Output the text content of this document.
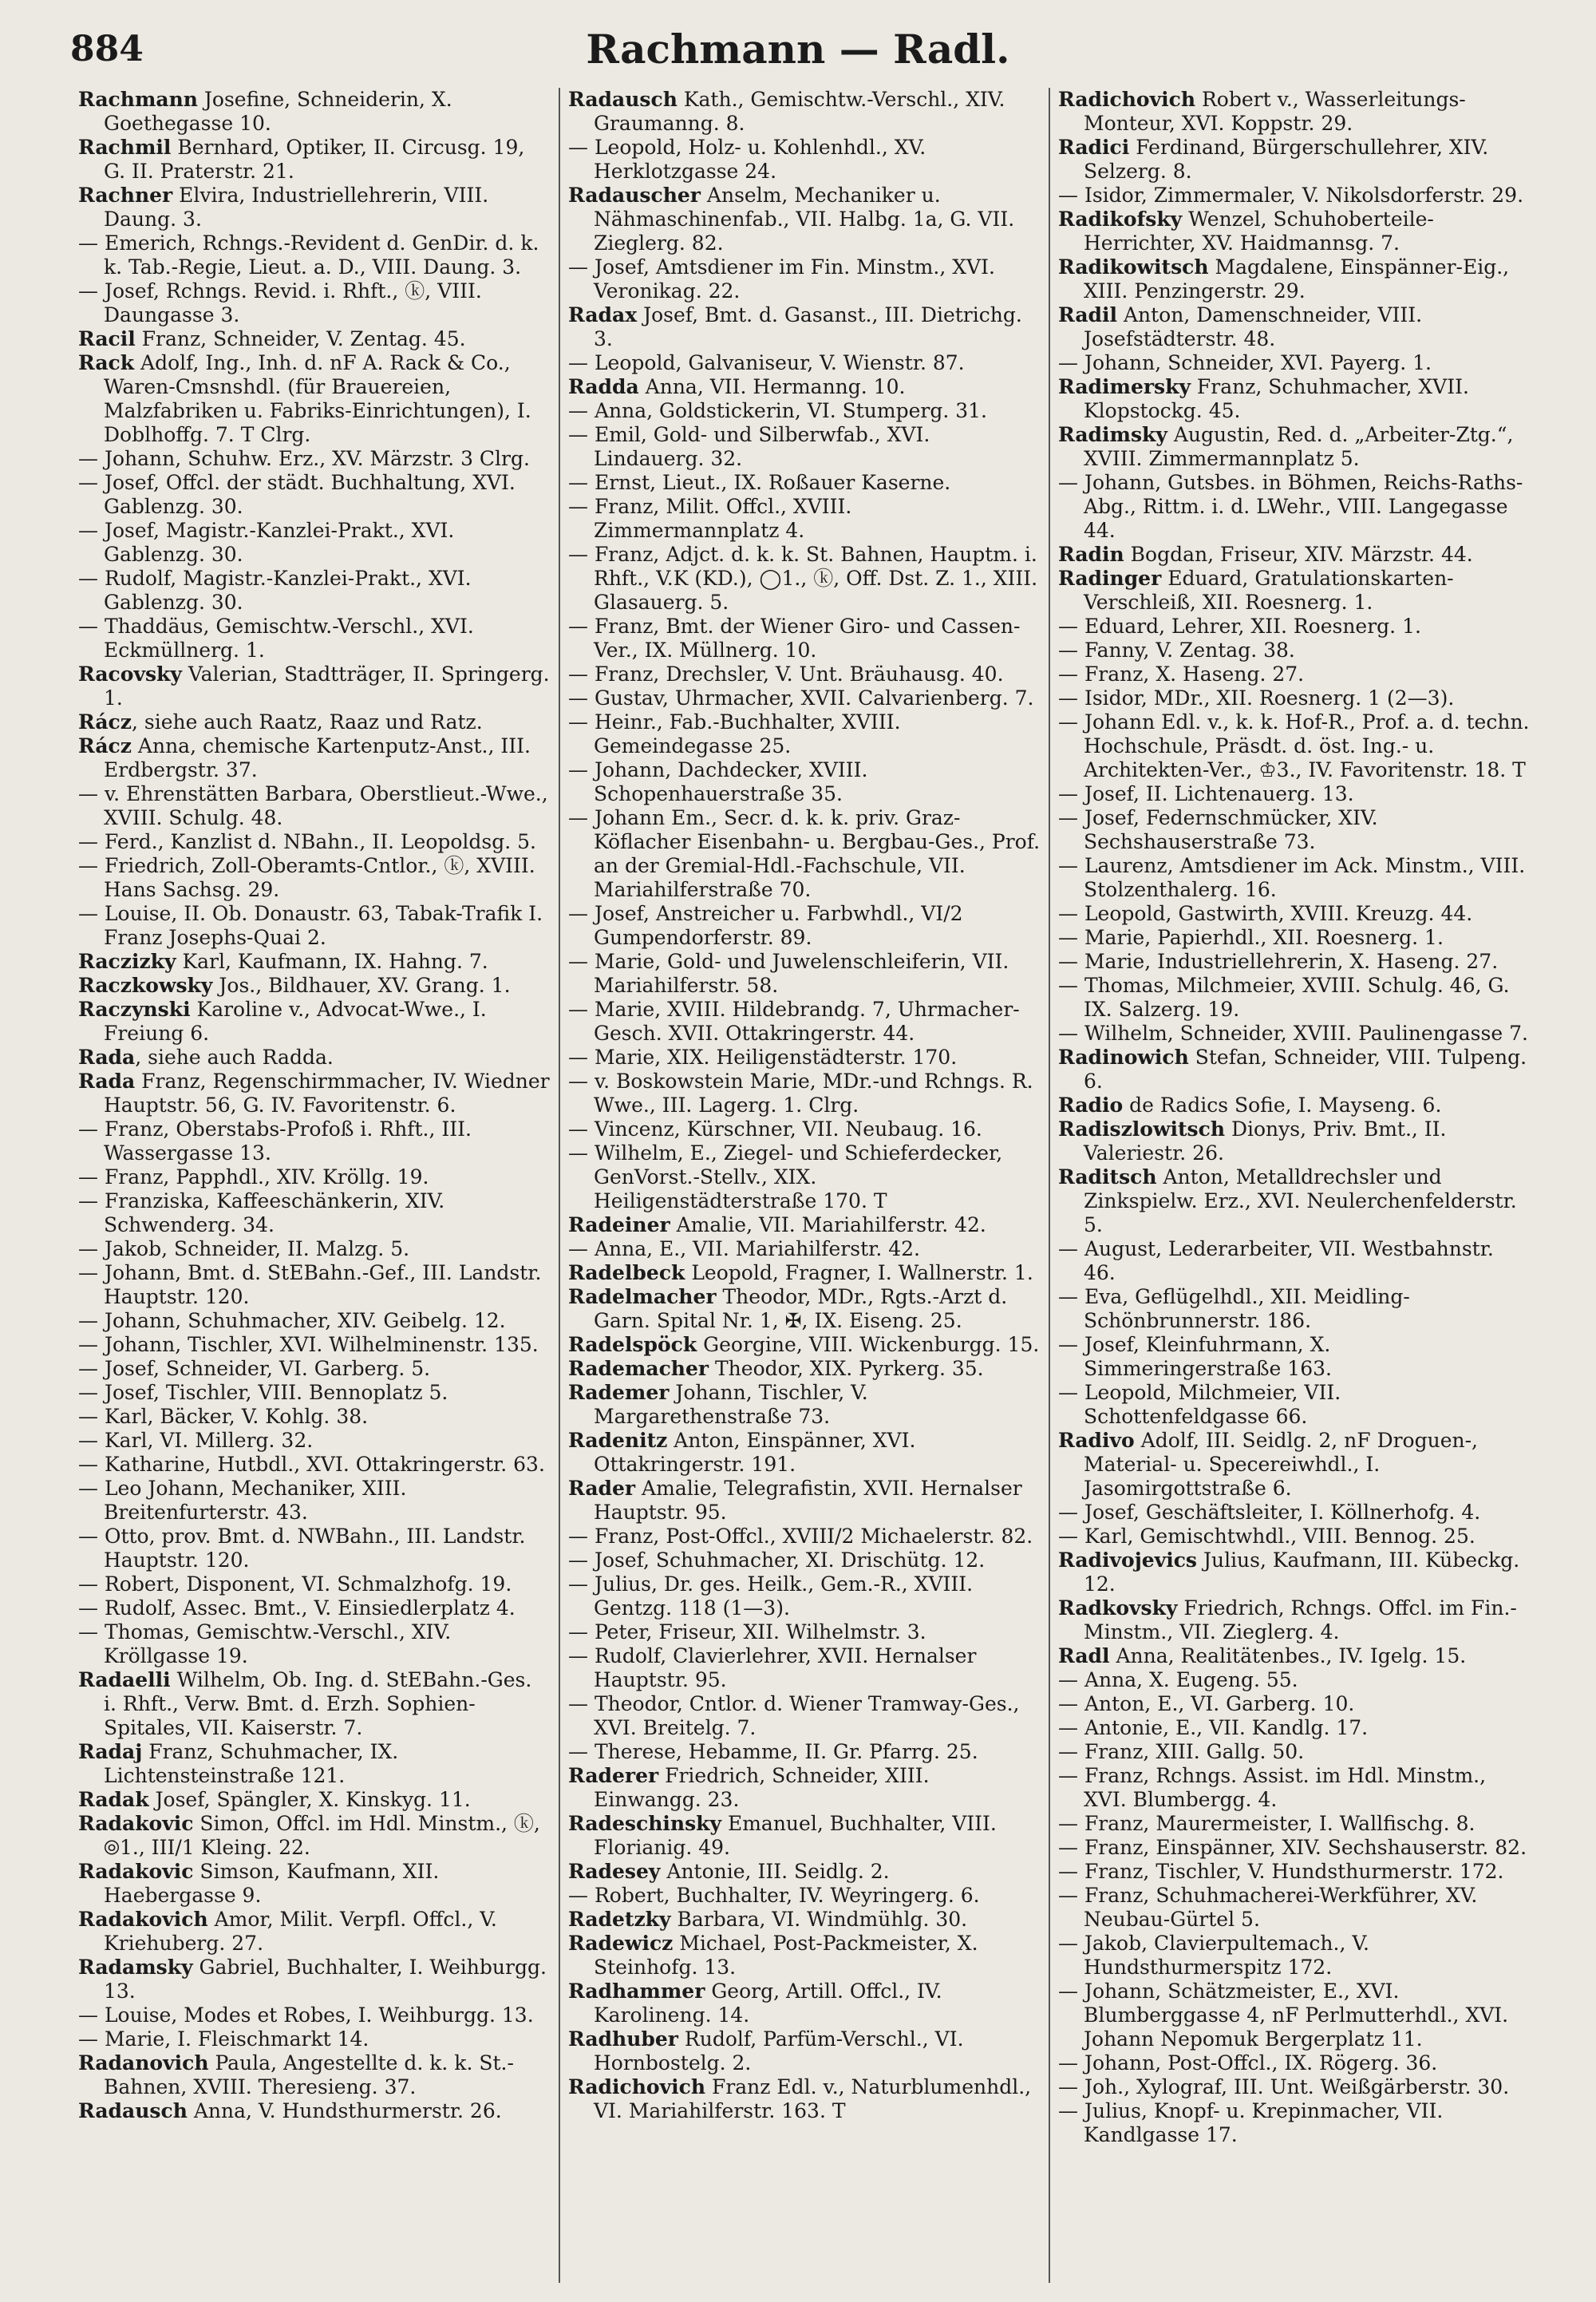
884	Rachmann — Radl.

Rachmann Josefine, Schneiderin, X. Goethegasse 10.

Rachmil Bernhard, Optiker, II. Circusg. 19, G. II. Praterstr. 21.

Rachner Elvira, Industriellehrerin, VIII. Daung. 3.

— Emerich, Rchngs.-Revident d. GenDir. d. k. k. Tab.-Regie, Lieut. a. D., VIII. Daung. 3.

— Josef, Rchngs. Revid. i. Rhft., ⓚ, VIII. Daungasse 3.

Racil Franz, Schneider, V. Zentag. 45.

Rack Adolf, Ing., Inh. d. nF A. Rack & Co., Waren-Cmsnshdl. (für Brauereien, Malzfabriken u. Fabriks-Einrichtungen), I. Doblhoffg. 7. T Clrg.

— Johann, Schuhw. Erz., XV. Märzstr. 3 Clrg.

— Josef, Offcl. der städt. Buchhaltung, XVI. Gablenzg. 30.

— Josef, Magistr.-Kanzlei-Prakt., XVI. Gablenzg. 30.

— Rudolf, Magistr.-Kanzlei-Prakt., XVI. Gablenzg. 30.

— Thaddäus, Gemischtw.-Verschl., XVI. Eckmüllnerg. 1.

Racovsky Valerian, Stadtträger, II. Springerg. 1.

Rácz, siehe auch Raatz, Raaz und Ratz.

Rácz Anna, chemische Kartenputz-Anst., III. Erdbergstr. 37.

— v. Ehrenstätten Barbara, Oberstlieut.-Wwe., XVIII. Schulg. 48.

— Ferd., Kanzlist d. NBahn., II. Leopoldsg. 5.

— Friedrich, Zoll-Oberamts-Cntlor., ⓚ, XVIII. Hans Sachsg. 29.

— Louise, II. Ob. Donaustr. 63, Tabak-Trafik I. Franz Josephs-Quai 2.

Raczizky Karl, Kaufmann, IX. Hahng. 7.

Raczkowsky Jos., Bildhauer, XV. Grang. 1.

Raczynski Karoline v., Advocat-Wwe., I. Freiung 6.

Rada, siehe auch Radda.

Rada Franz, Regenschirmmacher, IV. Wiedner Hauptstr. 56, G. IV. Favoritenstr. 6.

— Franz, Oberstabs-Profoß i. Rhft., III. Wassergasse 13.

— Franz, Papphdl., XIV. Kröllg. 19.

— Franziska, Kaffeeschänkerin, XIV. Schwenderg. 34.

— Jakob, Schneider, II. Malzg. 5.

— Johann, Bmt. d. StEBahn.-Gef., III. Landstr. Hauptstr. 120.

— Johann, Schuhmacher, XIV. Geibelg. 12.

— Johann, Tischler, XVI. Wilhelminenstr. 135.

— Josef, Schneider, VI. Garberg. 5.

— Josef, Tischler, VIII. Bennoplatz 5.

— Karl, Bäcker, V. Kohlg. 38.

— Karl, VI. Millerg. 32.

— Katharine, Hutbdl., XVI. Ottakringerstr. 63.

— Leo Johann, Mechaniker, XIII. Breitenfurterstr. 43.

— Otto, prov. Bmt. d. NWBahn., III. Landstr. Hauptstr. 120.

— Robert, Disponent, VI. Schmalzhofg. 19.

— Rudolf, Assec. Bmt., V. Einsiedlerplatz 4.

— Thomas, Gemischtw.-Verschl., XIV. Kröllgasse 19.

Radaelli Wilhelm, Ob. Ing. d. StEBahn.-Ges. i. Rhft., Verw. Bmt. d. Erzh. Sophien-Spitales, VII. Kaiserstr. 7.

Radaj Franz, Schuhmacher, IX. Lichtensteinstraße 121.

Radak Josef, Spängler, X. Kinskyg. 11.

Radakovic Simon, Offcl. im Hdl. Minstm., ⓚ, ⦾1., III/1 Kleing. 22.

Radakovic Simson, Kaufmann, XII. Haebergasse 9.

Radakovich Amor, Milit. Verpfl. Offcl., V. Kriehuberg. 27.

Radamsky Gabriel, Buchhalter, I. Weihburgg. 13.

— Louise, Modes et Robes, I. Weihburgg. 13.

— Marie, I. Fleischmarkt 14.

Radanovich Paula, Angestellte d. k. k. St.-Bahnen, XVIII. Theresieng. 37.

Radausch Anna, V. Hundsthurmerstr. 26.

Radausch Kath., Gemischtw.-Verschl., XIV. Graumanng. 8.

— Leopold, Holz- u. Kohlenhdl., XV. Herklotzgasse 24.

Radauscher Anselm, Mechaniker u. Nähmaschinenfab., VII. Halbg. 1a, G. VII. Zieglerg. 82.

— Josef, Amtsdiener im Fin. Minstm., XVI. Veronikag. 22.

Radax Josef, Bmt. d. Gasanst., III. Dietrichg. 3.

— Leopold, Galvaniseur, V. Wienstr. 87.

Radda Anna, VII. Hermanng. 10.

— Anna, Goldstickerin, VI. Stumperg. 31.

— Emil, Gold- und Silberwfab., XVI. Lindauerg. 32.

— Ernst, Lieut., IX. Roßauer Kaserne.

— Franz, Milit. Offcl., XVIII. Zimmermannplatz 4.

— Franz, Adjct. d. k. k. St. Bahnen, Hauptm. i. Rhft., V.K (KD.), ◯1., ⓚ, Off. Dst. Z. 1., XIII. Glasauerg. 5.

— Franz, Bmt. der Wiener Giro- und Cassen-Ver., IX. Müllnerg. 10.

— Franz, Drechsler, V. Unt. Bräuhausg. 40.

— Gustav, Uhrmacher, XVII. Calvarienberg. 7.

— Heinr., Fab.-Buchhalter, XVIII. Gemeindegasse 25.

— Johann, Dachdecker, XVIII. Schopenhauerstraße 35.

— Johann Em., Secr. d. k. k. priv. Graz-Köflacher Eisenbahn- u. Bergbau-Ges., Prof. an der Gremial-Hdl.-Fachschule, VII. Mariahilferstraße 70.

— Josef, Anstreicher u. Farbwhdl., VI/2 Gumpendorferstr. 89.

— Marie, Gold- und Juwelenschleiferin, VII. Mariahilferstr. 58.

— Marie, XVIII. Hildebrandg. 7, Uhrmacher-Gesch. XVII. Ottakringerstr. 44.

— Marie, XIX. Heiligenstädterstr. 170.

— v. Boskowstein Marie, MDr.-und Rchngs. R. Wwe., III. Lagerg. 1. Clrg.

— Vincenz, Kürschner, VII. Neubaug. 16.

— Wilhelm, E., Ziegel- und Schieferdecker, GenVorst.-Stellv., XIX. Heiligenstädterstraße 170. T

Radeiner Amalie, VII. Mariahilferstr. 42.

— Anna, E., VII. Mariahilferstr. 42.

Radelbeck Leopold, Fragner, I. Wallnerstr. 1.

Radelmacher Theodor, MDr., Rgts.-Arzt d. Garn. Spital Nr. 1, ✠, IX. Eiseng. 25.

Radelspöck Georgine, VIII. Wickenburgg. 15.

Rademacher Theodor, XIX. Pyrkerg. 35.

Rademer Johann, Tischler, V. Margarethenstraße 73.

Radenitz Anton, Einspänner, XVI. Ottakringerstr. 191.

Rader Amalie, Telegrafistin, XVII. Hernalser Hauptstr. 95.

— Franz, Post-Offcl., XVIII/2 Michaelerstr. 82.

— Josef, Schuhmacher, XI. Drischütg. 12.

— Julius, Dr. ges. Heilk., Gem.-R., XVIII. Gentzg. 118 (1—3).

— Peter, Friseur, XII. Wilhelmstr. 3.

— Rudolf, Clavierlehrer, XVII. Hernalser Hauptstr. 95.

— Theodor, Cntlor. d. Wiener Tramway-Ges., XVI. Breitelg. 7.

— Therese, Hebamme, II. Gr. Pfarrg. 25.

Raderer Friedrich, Schneider, XIII. Einwangg. 23.

Radeschinsky Emanuel, Buchhalter, VIII. Florianig. 49.

Radesey Antonie, III. Seidlg. 2.

— Robert, Buchhalter, IV. Weyringerg. 6.

Radetzky Barbara, VI. Windmühlg. 30.

Radewicz Michael, Post-Packmeister, X. Steinhofg. 13.

Radhammer Georg, Artill. Offcl., IV. Karolineng. 14.

Radhuber Rudolf, Parfüm-Verschl., VI. Hornbostelg. 2.

Radichovich Franz Edl. v., Naturblumenhdl., VI. Mariahilferstr. 163. T

Radichovich Robert v., Wasserleitungs-Monteur, XVI. Koppstr. 29.

Radici Ferdinand, Bürgerschullehrer, XIV. Selzerg. 8.

— Isidor, Zimmermaler, V. Nikolsdorferstr. 29.

Radikofsky Wenzel, Schuhoberteile-Herrichter, XV. Haidmannsg. 7.

Radikowitsch Magdalene, Einspänner-Eig., XIII. Penzingerstr. 29.

Radil Anton, Damenschneider, VIII. Josefstädterstr. 48.

— Johann, Schneider, XVI. Payerg. 1.

Radimersky Franz, Schuhmacher, XVII. Klopstockg. 45.

Radimsky Augustin, Red. d. „Arbeiter-Ztg.“, XVIII. Zimmermannplatz 5.

— Johann, Gutsbes. in Böhmen, Reichs-Raths-Abg., Rittm. i. d. LWehr., VIII. Langegasse 44.

Radin Bogdan, Friseur, XIV. Märzstr. 44.

Radinger Eduard, Gratulationskarten-Verschleiß, XII. Roesnerg. 1.

— Eduard, Lehrer, XII. Roesnerg. 1.

— Fanny, V. Zentag. 38.

— Franz, X. Haseng. 27.

— Isidor, MDr., XII. Roesnerg. 1 (2—3).

— Johann Edl. v., k. k. Hof-R., Prof. a. d. techn. Hochschule, Präsdt. d. öst. Ing.- u. Architekten-Ver., ♔3., IV. Favoritenstr. 18. T

— Josef, II. Lichtenauerg. 13.

— Josef, Federnschmücker, XIV. Sechshauserstraße 73.

— Laurenz, Amtsdiener im Ack. Minstm., VIII. Stolzenthalerg. 16.

— Leopold, Gastwirth, XVIII. Kreuzg. 44.

— Marie, Papierhdl., XII. Roesnerg. 1.

— Marie, Industriellehrerin, X. Haseng. 27.

— Thomas, Milchmeier, XVIII. Schulg. 46, G. IX. Salzerg. 19.

— Wilhelm, Schneider, XVIII. Paulinengasse 7.

Radinowich Stefan, Schneider, VIII. Tulpeng. 6.

Radio de Radics Sofie, I. Mayseng. 6.

Radiszlowitsch Dionys, Priv. Bmt., II. Valeriestr. 26.

Raditsch Anton, Metalldrechsler und Zinkspielw. Erz., XVI. Neulerchenfelderstr. 5.

— August, Lederarbeiter, VII. Westbahnstr. 46.

— Eva, Geflügelhdl., XII. Meidling-Schönbrunnerstr. 186.

— Josef, Kleinfuhrmann, X. Simmeringerstraße 163.

— Leopold, Milchmeier, VII. Schottenfeldgasse 66.

Radivo Adolf, III. Seidlg. 2, nF Droguen-, Material- u. Specereiwhdl., I. Jasomirgottstraße 6.

— Josef, Geschäftsleiter, I. Köllnerhofg. 4.

— Karl, Gemischtwhdl., VIII. Bennog. 25.

Radivojevics Julius, Kaufmann, III. Kübeckg. 12.

Radkovsky Friedrich, Rchngs. Offcl. im Fin.-Minstm., VII. Zieglerg. 4.

Radl Anna, Realitätenbes., IV. Igelg. 15.

— Anna, X. Eugeng. 55.

— Anton, E., VI. Garberg. 10.

— Antonie, E., VII. Kandlg. 17.

— Franz, XIII. Gallg. 50.

— Franz, Rchngs. Assist. im Hdl. Minstm., XVI. Blumbergg. 4.

— Franz, Maurermeister, I. Wallfischg. 8.

— Franz, Einspänner, XIV. Sechshauserstr. 82.

— Franz, Tischler, V. Hundsthurmerstr. 172.

— Franz, Schuhmacherei-Werkführer, XV. Neubau-Gürtel 5.

— Jakob, Clavierpultemach., V. Hundsthurmerspitz 172.

— Johann, Schätzmeister, E., XVI. Blumberggasse 4, nF Perlmutterhdl., XVI. Johann Nepomuk Bergerplatz 11.

— Johann, Post-Offcl., IX. Rögerg. 36.

— Joh., Xylograf, III. Unt. Weißgärberstr. 30.

— Julius, Knopf- u. Krepinmacher, VII. Kandlgasse 17.
